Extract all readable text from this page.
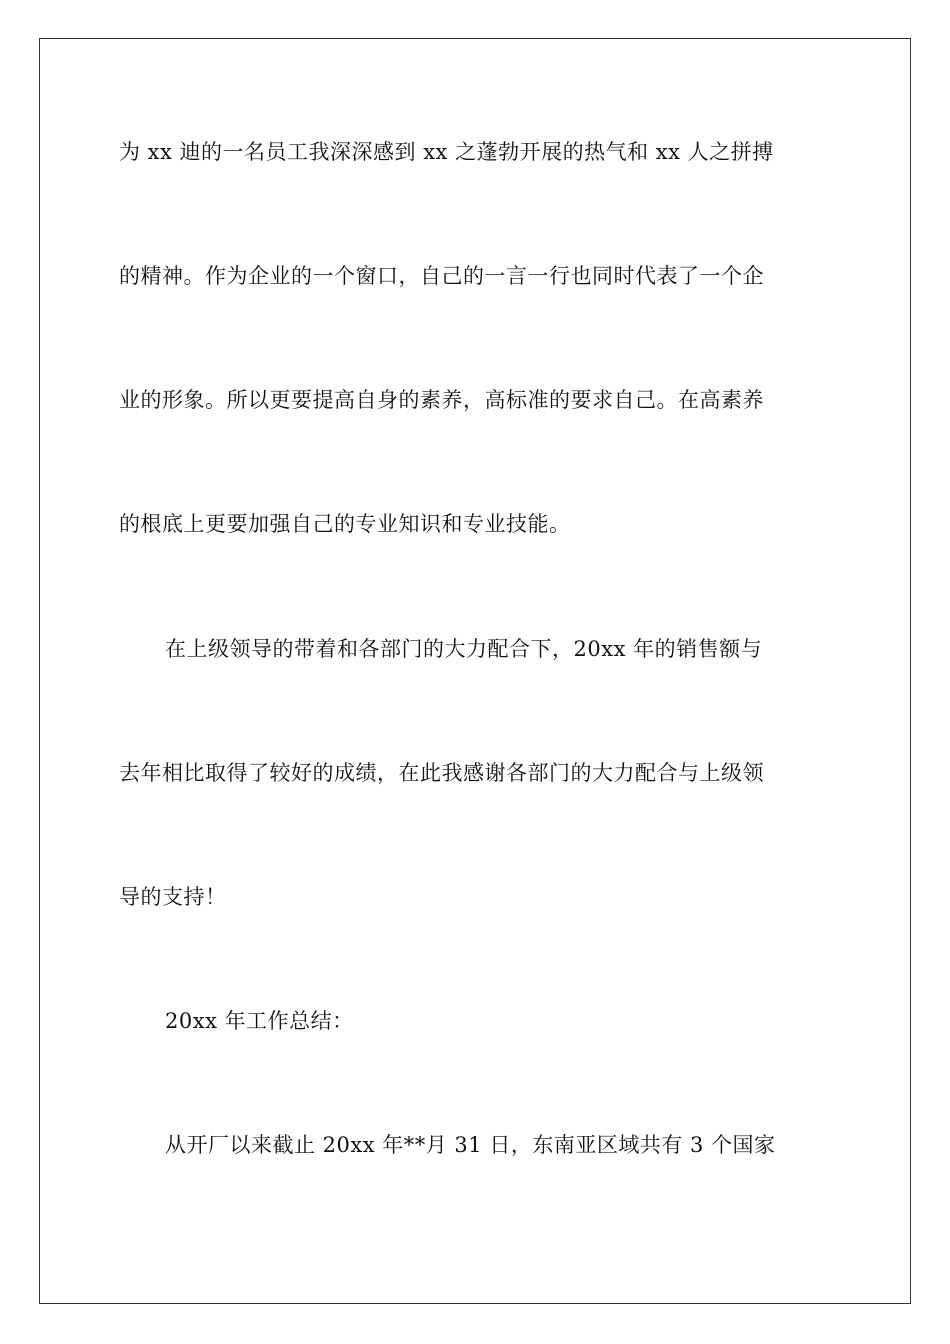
为 xx 迪的一名员工我深深感到 xx 之蓬勃开展的热气和 xx 人之拼搏
的精神。作为企业的一个窗口，自己的一言一行也同时代表了一个企
业的形象。所以更要提高自身的素养，高标准的要求自己。在高素养
的根底上更要加强自己的专业知识和专业技能。
在上级领导的带着和各部门的大力配合下，20xx 年的销售额与
去年相比取得了较好的成绩，在此我感谢各部门的大力配合与上级领
导的支持！
20xx 年工作总结：
从开厂以来截止 20xx 年**月 31 日，东南亚区域共有 3 个国家
